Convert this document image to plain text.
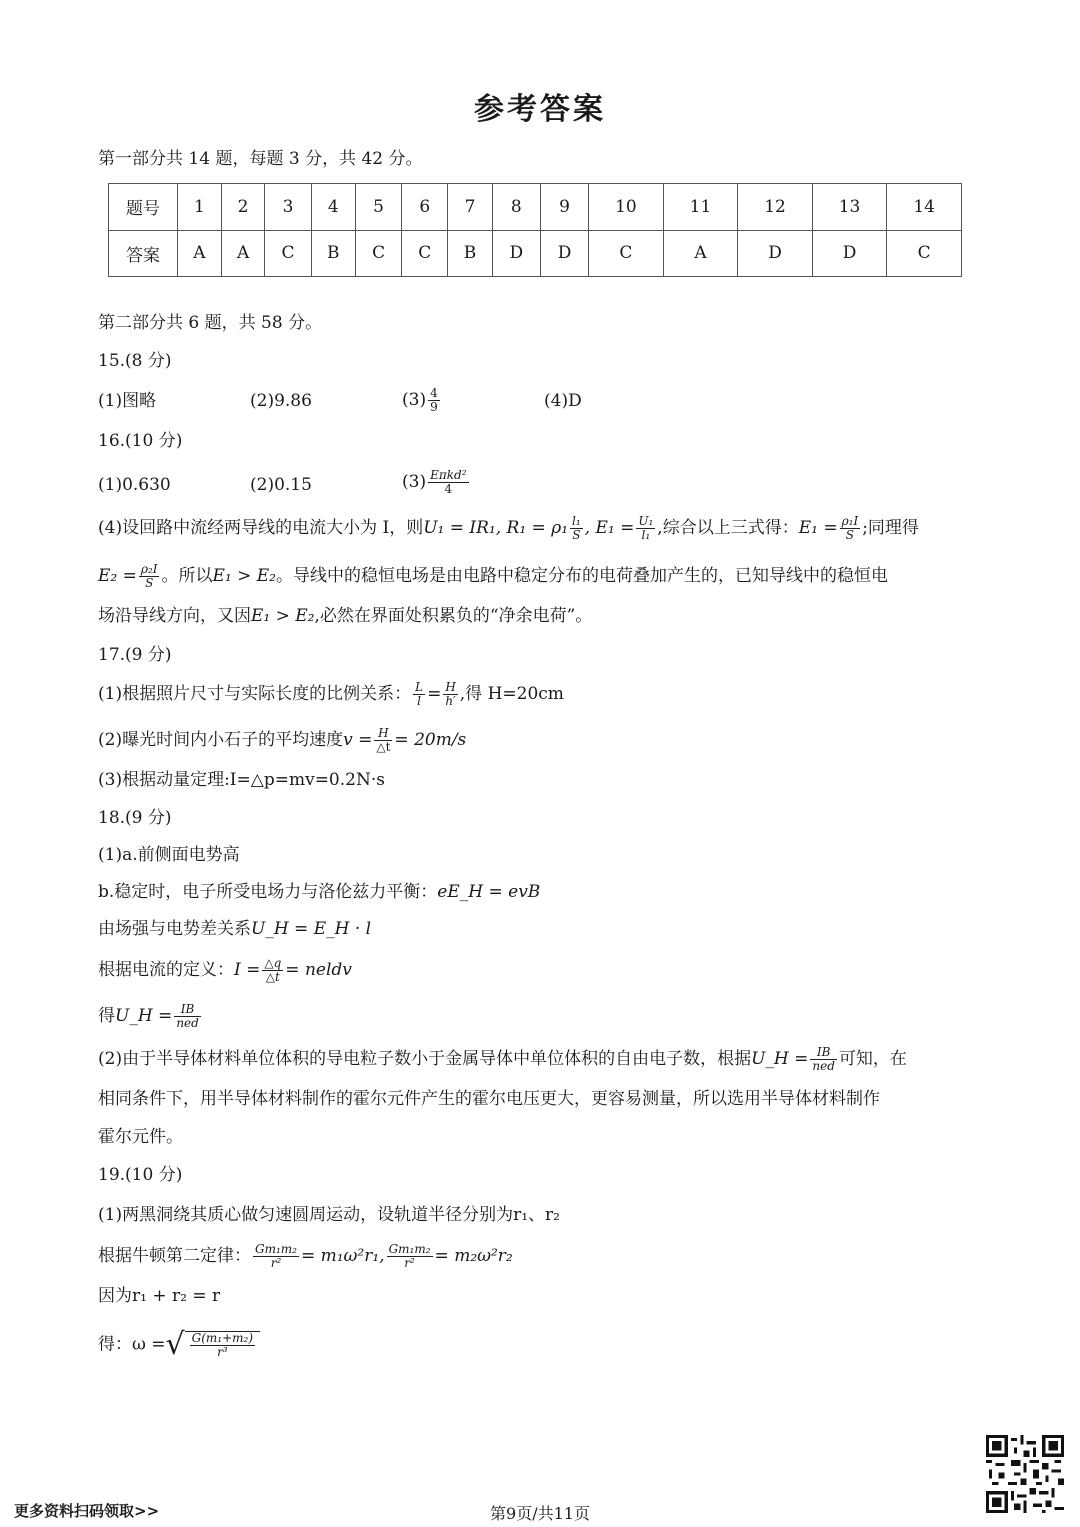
参考答案
第一部分共 14 题，每题 3 分，共 42 分。
题号	1	2	3	4	5	6	7	8	9	10	11	12	13	14
答案	A	A	C	B	C	C	B	D	D	C	A	D	D	C
第二部分共 6 题，共 58 分。
15.(8 分)
(1)图略	(2)9.86	$(3) \frac{4}{9}$	(4)D
16.(10 分)
(1)0.630	(2)0.15	$(3) \frac{\text{Eπkd²}}{4}$
(4)设回路中流经两导线的电流大小为 I，则U₁ = IR₁, $R_1 = \rho_1 \frac{\text{l₁}}{S}$ , $E_1 = \frac{\text{U₁}}{\text{l₁}}$ ,综合以上三式得：$E_1 = \frac{\text{ρ₁I}}{S}$ ;同理得
$E_2 = \frac{\text{ρ₂I}}{S}$ 。所以E₁ > E₂。导线中的稳恒电场是由电路中稳定分布的电荷叠加产生的，已知导线中的稳恒电
场沿导线方向，又因E₁ > E₂,必然在界面处积累负的“净余电荷”。
17.(9 分)
(1)根据照片尺寸与实际长度的比例关系： $\frac{L}{l} = \frac{H}{h'}$ ,得 H=20cm
(2)曝光时间内小石子的平均速度$v = \frac{H}{\triangle t} = 20m/s$
(3)根据动量定理:I=△p=mv=0.2N·s
18.(9 分)
(1)a.前侧面电势高
b.稳定时，电子所受电场力与洛伦兹力平衡：eE_H = evB
由场强与电势差关系U_H = E_H · l
根据电流的定义：$I = \frac{\triangle q}{\triangle t}$ = neldv
得U_H = $\frac{IB}{\text{ned}}$
(2)由于半导体材料单位体积的导电粒子数小于金属导体中单位体积的自由电子数，根据U_H = $\frac{IB}{\text{ned}}$ 可知，在
相同条件下，用半导体材料制作的霍尔元件产生的霍尔电压更大，更容易测量，所以选用半导体材料制作
霍尔元件。
19.(10 分)
(1)两黑洞绕其质心做匀速圆周运动，设轨道半径分别为r₁、r₂
根据牛顿第二定律： $\frac{\text{Gm₁m₂}}{\text{r²}} = m_1\omega^2r_1$, $\frac{\text{Gm₁m₂}}{\text{r²}} = m_2\omega^2r_2$
因为r₁ + r₂ = r
得：ω =√ $\frac{\text{G(m₁+m₂)}}{\text{r³}}$
更多资料扫码领取>>	第9页/共11页
